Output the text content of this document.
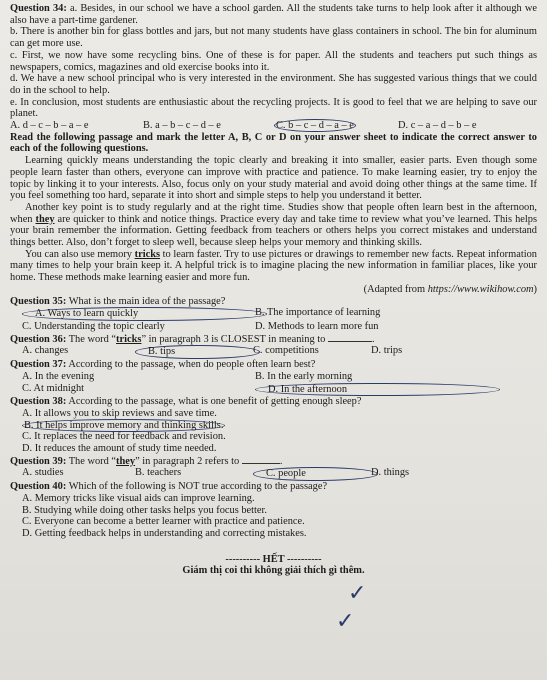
Question 34: a. Besides, in our school we have a school garden. All the students take turns to help look after it although we also have a part-time gardener.

b. There is another bin for glass bottles and jars, but not many students have glass containers in school. The bin for aluminum can get more use.

c. First, we now have some recycling bins. One of these is for paper. All the students and teachers put such things as newspapers, comics, magazines and old exercise books into it.

d. We have a new school principal who is very interested in the environment. She has suggested various things that we could do in the school to help.

e. In conclusion, most students are enthusiastic about the recycling projects. It is good to feel that we are helping to save our planet.

A. d – c – b – a – e	B. a – b – c – d – e	C. b – c – d – a – e	D. c – a – d – b – e

Read the following passage and mark the letter A, B, C or D on your answer sheet to indicate the correct answer to each of the following questions.

Learning quickly means understanding the topic clearly and breaking it into smaller, easier parts. Even though some people learn faster than others, everyone can improve with practice and patience. To make learning easier, try to enjoy the topic by linking it to your interests. Also, focus only on your study material and avoid doing other things at the same time. If you feel something too hard, separate it into short and simple steps to help you understand it better.

Another key point is to study regularly and at the right time. Studies show that people often learn best in the afternoon, when they are quicker to think and notice things. Practice every day and take time to review what you’ve learned. This helps your brain remember the information. Getting feedback from teachers or others helps you correct mistakes and understand things better. Also, don’t forget to sleep well, because sleep helps your memory and thinking skills.

You can also use memory tricks to learn faster. Try to use pictures or drawings to remember new facts. Repeat information many times to help your brain keep it. A helpful trick is to imagine placing the new information in familiar places, like your home. These methods make learning easier and more fun.

(Adapted from https://www.wikihow.com)

Question 35: What is the main idea of the passage?

A. Ways to learn quickly	B. The importance of learning
C. Understanding the topic clearly	D. Methods to learn more fun

Question 36: The word “tricks” in paragraph 3 is CLOSEST in meaning to	.

A. changes	B. tips	C. competitions	D. trips

Question 37: According to the passage, when do people often learn best?

A. In the evening	B. In the early morning
C. At midnight	D. In the afternoon

Question 38: According to the passage, what is one benefit of getting enough sleep?

A. It allows you to skip reviews and save time.

B. It helps improve memory and thinking skills.

C. It replaces the need for feedback and revision.

D. It reduces the amount of study time needed.

Question 39: The word “they” in paragraph 2 refers to	.

A. studies	B. teachers	C. people	D. things

Question 40: Which of the following is NOT true according to the passage?

A. Memory tricks like visual aids can improve learning.

B. Studying while doing other tasks helps you focus better.

C. Everyone can become a better learner with practice and patience.

D. Getting feedback helps in understanding and correcting mistakes.

---------- HẾT ----------

Giám thị coi thi không giải thích gì thêm.

✓
✓
